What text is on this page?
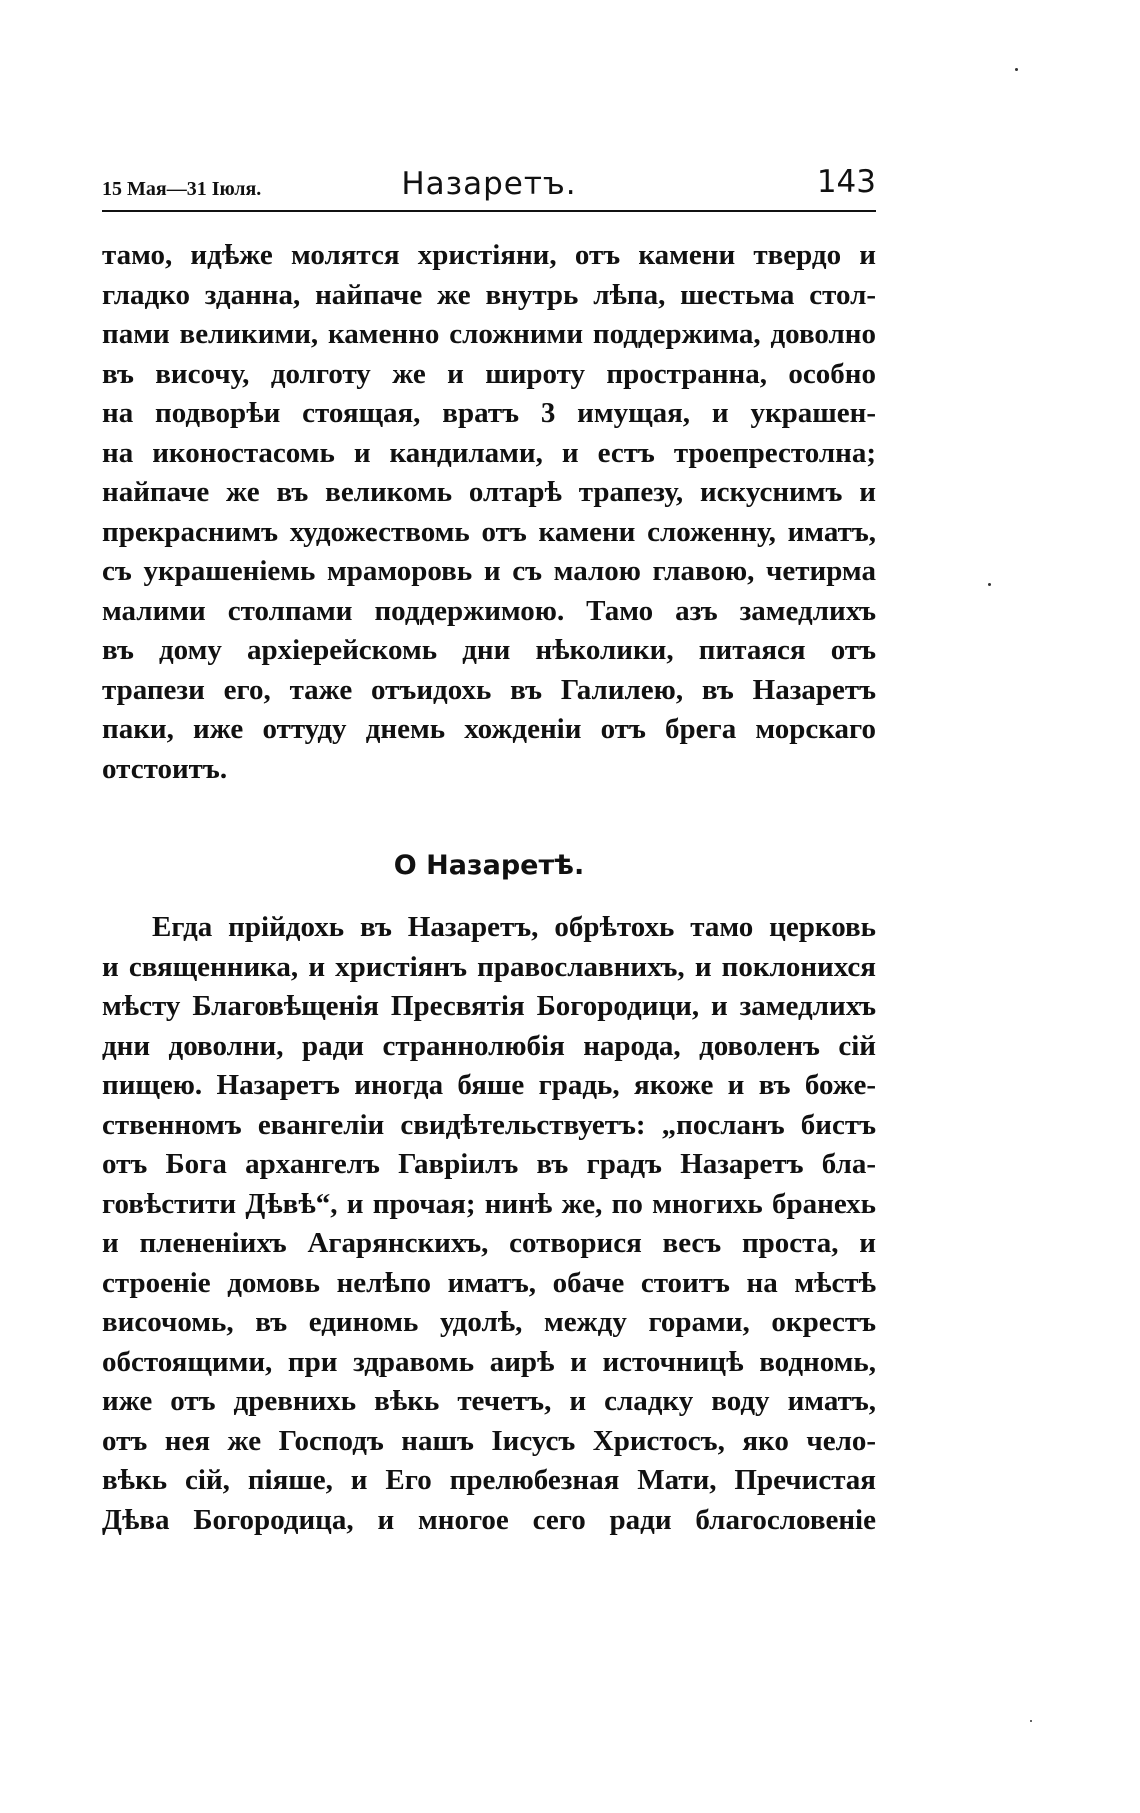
15 Мая—31 Іюля.	Назаретъ.	143
тамо, идѣже молятся христіяни, отъ камени твердо и
гладко зданна, найпаче же внутрь лѣпа, шестьма стол-
пами великими, каменно сложними поддержима, доволно
въ височу, долготу же и широту пространна, особно
на подворѣи стоящая, вратъ 3 имущая, и украшен-
на иконостасомь и кандилами, и естъ троепрестолна;
найпаче же въ великомь олтарѣ трапезу, искуснимъ и
прекраснимъ художествомь отъ камени сложенну, иматъ,
съ украшеніемь мраморовь и съ малою главою, четирма
малими столпами поддержимою. Тамо азъ замедлихъ
въ дому архіерейскомь дни нѣколики, питаяся отъ
трапези его, таже отъидохь въ Галилею, въ Назаретъ
паки, иже оттуду днемь хожденіи отъ брега морскаго
отстоитъ.
О Назаретѣ.
Егда прійдохь въ Назаретъ, обрѣтохь тамо церковь
и священника, и христіянъ православнихъ, и поклонихся
мѣсту Благовѣщенія Пресвятія Богородици, и замедлихъ
дни доволни, ради страннолюбія народа, доволенъ сій
пищею. Назаретъ иногда бяше градь, якоже и въ боже-
ственномъ евангеліи свидѣтельствуетъ: „посланъ бистъ
отъ Бога архангелъ Гавріилъ въ градъ Назаретъ бла-
говѣстити Дѣвѣ“, и прочая; нинѣ же, по многихь бранехь
и плененіихъ Агарянскихъ, сотворися весъ проста, и
строеніе домовь нелѣпо иматъ, обаче стоитъ на мѣстѣ
височомь, въ единомь удолѣ, между горами, окрестъ
обстоящими, при здравомь аирѣ и источницѣ водномь,
иже отъ древнихь вѣкь течетъ, и сладку воду иматъ,
отъ нея же Господъ нашъ Іисусъ Христосъ, яко чело-
вѣкь сій, піяше, и Его прелюбезная Мати, Пречистая
Дѣва Богородица, и многое сего ради благословеніе
